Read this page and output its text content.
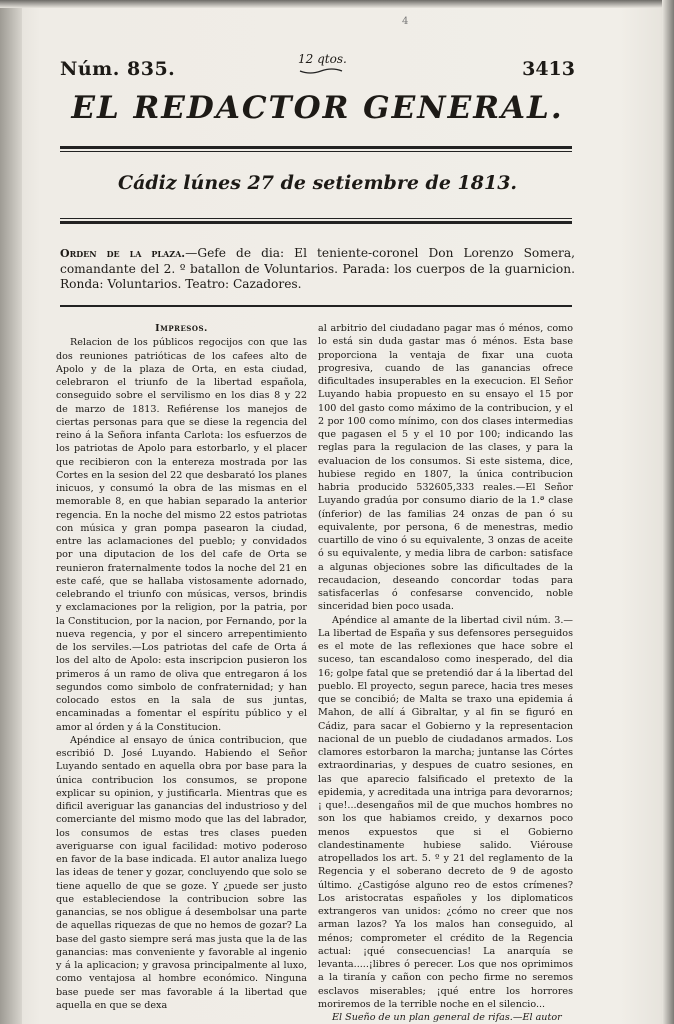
4
Núm. 835.	12 qtos.	3413
EL REDACTOR GENERAL.
Cádiz lúnes 27 de setiembre de 1813.
Orden de la plaza.—Gefe de dia: El teniente-coronel Don Lorenzo Somera, comandante del 2. º batallon de Voluntarios. Parada: los cuerpos de la guarnicion. Ronda: Voluntarios. Teatro: Cazadores.

Impresos.

Relacion de los públicos regocijos con que las dos reuniones patrióticas de los cafees alto de Apolo y de la plaza de Orta, en esta ciudad, celebraron el triunfo de la libertad española, conseguido sobre el servilismo en los dias 8 y 22 de marzo de 1813. Refiérense los manejos de ciertas personas para que se diese la regencia del reino á la Señora infanta Carlota: los esfuerzos de los patriotas de Apolo para estorbarlo, y el placer que recibieron con la entereza mostrada por las Cortes en la sesion del 22 que desbarató los planes inicuos, y consumó la obra de las mismas en el memorable 8, en que habian separado la anterior regencia. En la noche del mismo 22 estos patriotas con música y gran pompa pasearon la ciudad, entre las aclamaciones del pueblo; y convidados por una diputacion de los del cafe de Orta se reunieron fraternalmente todos la noche del 21 en este café, que se hallaba vistosamente adornado, celebrando el triunfo con músicas, versos, brindis y exclamaciones por la religion, por la patria, por la Constitucion, por la nacion, por Fernando, por la nueva regencia, y por el sincero arrepentimiento de los serviles.—Los patriotas del cafe de Orta á los del alto de Apolo: esta inscripcion pusieron los primeros á un ramo de oliva que entregaron á los segundos como simbolo de confraternidad; y han colocado estos en la sala de sus juntas, encaminadas a fomentar el espíritu público y el amor al órden y á la Constitucion.

Apéndice al ensayo de única contribucion, que escribió D. José Luyando. Habiendo el Señor Luyando sentado en aquella obra por base para la única contribucion los consumos, se propone explicar su opinion, y justificarla. Mientras que es dificil averiguar las ganancias del industrioso y del comerciante del mismo modo que las del labrador, los consumos de estas tres clases pueden averiguarse con igual facilidad: motivo poderoso en favor de la base indicada. El autor analiza luego las ideas de tener y gozar, concluyendo que solo se tiene aquello de que se goze. Y ¿puede ser justo que estableciendose la contribucion sobre las ganancias, se nos obligue á desembolsar una parte de aquellas riquezas de que no hemos de gozar? La base del gasto siempre será mas justa que la de las ganancias: mas conveniente y favorable al ingenio y á la aplicacion; y gravosa principalmente al luxo, como ventajosa al hombre económico. Ninguna base puede ser mas favorable á la libertad que aquella en que se dexa

al arbitrio del ciudadano pagar mas ó ménos, como lo está sin duda gastar mas ó ménos. Esta base proporciona la ventaja de fixar una cuota progresiva, cuando de las ganancias ofrece dificultades insuperables en la execucion. El Señor Luyando habia propuesto en su ensayo el 15 por 100 del gasto como máximo de la contribucion, y el 2 por 100 como mínimo, con dos clases intermedias que pagasen el 5 y el 10 por 100; indicando las reglas para la regulacion de las clases, y para la evaluacion de los consumos. Si este sistema, dice, hubiese regido en 1807, la única contribucion habria producido 532605,333 reales.—El Señor Luyando gradúa por consumo diario de la 1.ª clase (ínferior) de las familias 24 onzas de pan ó su equivalente, por persona, 6 de menestras, medio cuartillo de vino ó su equivalente, 3 onzas de aceite ó su equivalente, y media libra de carbon: satisface a algunas objeciones sobre las dificultades de la recaudacion, deseando concordar todas para satisfacerlas ó confesarse convencido, noble sinceridad bien poco usada.

Apéndice al amante de la libertad civil núm. 3.—La libertad de España y sus defensores perseguidos es el mote de las reflexiones que hace sobre el suceso, tan escandaloso como inesperado, del dia 16; golpe fatal que se pretendió dar á la libertad del pueblo. El proyecto, segun parece, hacia tres meses que se concibió; de Malta se traxo una epidemia á Mahon, de allí á Gibraltar, y al fin se figuró en Cádiz, para sacar el Gobierno y la representacion nacional de un pueblo de ciudadanos armados. Los clamores estorbaron la marcha; juntanse las Córtes extraordinarias, y despues de cuatro sesiones, en las que aparecio falsificado el pretexto de la epidemia, y acreditada una intriga para devorarnos; ¡ que!...desengaños mil de que muchos hombres no son los que habiamos creido, y dexarnos poco menos expuestos que si el Gobierno clandestinamente hubiese salido. Viérouse atropellados los art. 5. º y 21 del reglamento de la Regencia y el soberano decreto de 9 de agosto último. ¿Castigóse alguno reo de estos crímenes? Los aristocratas españoles y los diplomaticos extrangeros van unidos: ¿cómo no creer que nos arman lazos? Ya los malos han conseguido, al ménos; comprometer el crédito de la Regencia actual: ¡qué consecuencias! La anarquía se levanta.....¡libres ó perecer. Los que nos oprimimos a la tiranía y cañon con pecho firme no seremos esclavos miserables; ¡qué entre los horrores moriremos de la terrible noche en el silencio...

El Sueño de un plan general de rifas.—El autor
